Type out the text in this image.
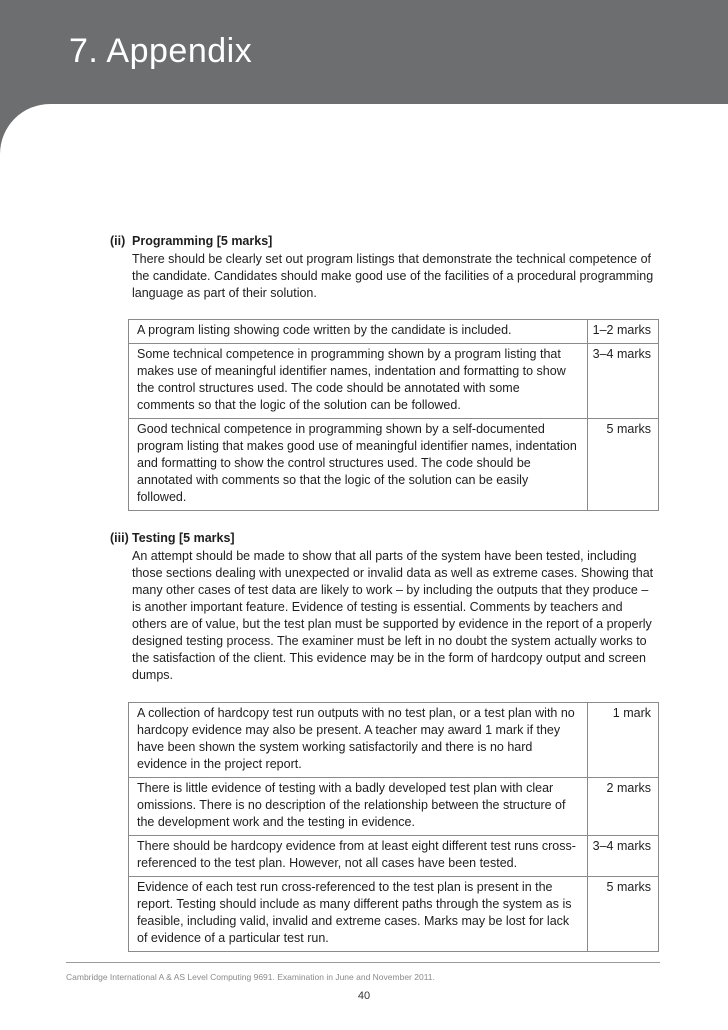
7. Appendix
(ii) Programming [5 marks]

There should be clearly set out program listings that demonstrate the technical competence of the candidate. Candidates should make good use of the facilities of a procedural programming language as part of their solution.

A program listing showing code written by the candidate is included.	1–2 marks
Some technical competence in programming shown by a program listing that makes use of meaningful identifier names, indentation and formatting to show the control structures used. The code should be annotated with some comments so that the logic of the solution can be followed.	3–4 marks
Good technical competence in programming shown by a self-documented program listing that makes good use of meaningful identifier names, indentation and formatting to show the control structures used. The code should be annotated with comments so that the logic of the solution can be easily followed.	5 marks
(iii) Testing [5 marks]

An attempt should be made to show that all parts of the system have been tested, including those sections dealing with unexpected or invalid data as well as extreme cases. Showing that many other cases of test data are likely to work – by including the outputs that they produce – is another important feature. Evidence of testing is essential. Comments by teachers and others are of value, but the test plan must be supported by evidence in the report of a properly designed testing process. The examiner must be left in no doubt the system actually works to the satisfaction of the client. This evidence may be in the form of hardcopy output and screen dumps.

A collection of hardcopy test run outputs with no test plan, or a test plan with no hardcopy evidence may also be present. A teacher may award 1 mark if they have been shown the system working satisfactorily and there is no hard evidence in the project report.	1 mark
There is little evidence of testing with a badly developed test plan with clear omissions. There is no description of the relationship between the structure of the development work and the testing in evidence.	2 marks
There should be hardcopy evidence from at least eight different test runs cross-referenced to the test plan. However, not all cases have been tested.	3–4 marks
Evidence of each test run cross-referenced to the test plan is present in the report. Testing should include as many different paths through the system as is feasible, including valid, invalid and extreme cases. Marks may be lost for lack of evidence of a particular test run.	5 marks
Cambridge International A & AS Level Computing 9691. Examination in June and November 2011.
40
